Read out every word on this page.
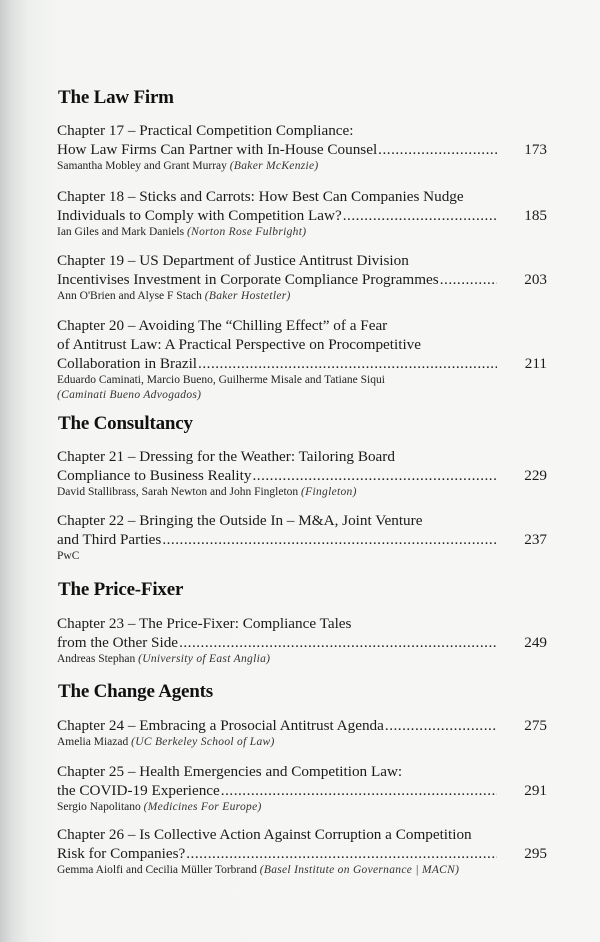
The Law Firm
Chapter 17 – Practical Competition Compliance:
How Law Firms Can Partner with In-House Counsel .....	173
Samantha Mobley and Grant Murray (Baker McKenzie)
Chapter 18 – Sticks and Carrots: How Best Can Companies Nudge
Individuals to Comply with Competition Law? .....	185
Ian Giles and Mark Daniels (Norton Rose Fulbright)
Chapter 19 – US Department of Justice Antitrust Division
Incentivises Investment in Corporate Compliance Programmes .....	203
Ann O'Brien and Alyse F Stach (Baker Hostetler)
Chapter 20 – Avoiding The “Chilling Effect” of a Fear
of Antitrust Law: A Practical Perspective on Procompetitive
Collaboration in Brazil .....	211
Eduardo Caminati, Marcio Bueno, Guilherme Misale and Tatiane Siqui
(Caminati Bueno Advogados)
The Consultancy
Chapter 21 – Dressing for the Weather: Tailoring Board
Compliance to Business Reality .....	229
David Stallibrass, Sarah Newton and John Fingleton (Fingleton)
Chapter 22 – Bringing the Outside In – M&A, Joint Venture
and Third Parties .....	237
PwC
The Price-Fixer
Chapter 23 – The Price-Fixer: Compliance Tales
from the Other Side .....	249
Andreas Stephan (University of East Anglia)
The Change Agents
Chapter 24 – Embracing a Prosocial Antitrust Agenda .....	275
Amelia Miazad (UC Berkeley School of Law)
Chapter 25 – Health Emergencies and Competition Law:
the COVID-19 Experience .....	291
Sergio Napolitano (Medicines For Europe)
Chapter 26 – Is Collective Action Against Corruption a Competition
Risk for Companies? .....	295
Gemma Aiolfi and Cecilia Müller Torbrand (Basel Institute on Governance | MACN)
